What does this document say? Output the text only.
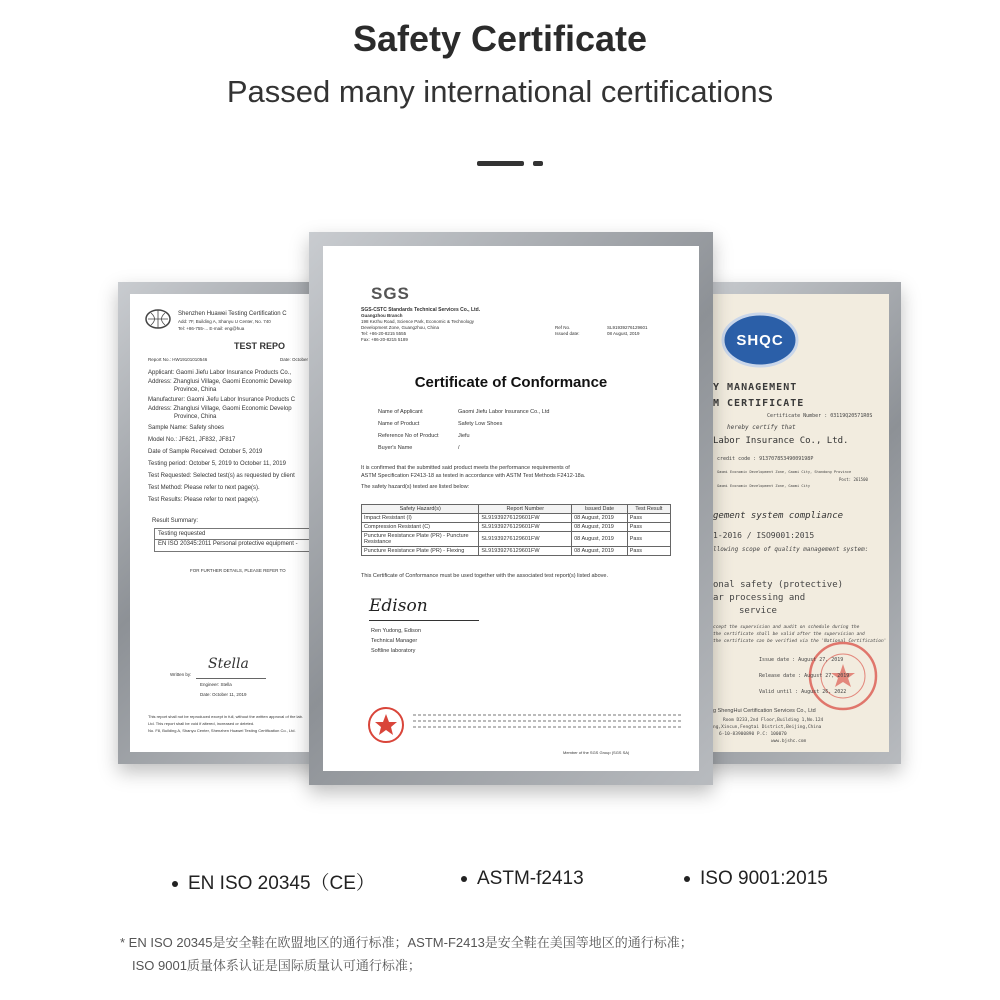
Safety Certificate
Passed many international certifications
Shenzhen Huawei Testing Certification C
Add: 7F, Building A, Shanyu U Center, No. 740
Tel: +86-755-... E-mail: eng@hua
TEST REPO
Report No.: HW19101010546	Date: October
Applicant: Gaomi Jiefu Labor Insurance Products Co.,
Address: Zhanglusi Village, Gaomi Economic Develop
Province, China
Manufacturer: Gaomi Jiefu Labor Insurance Products C
Address: Zhanglusi Village, Gaomi Economic Develop
Province, China
Sample Name: Safety shoes
Model No.: JF621, JF832, JF817
Date of Sample Received: October 5, 2019
Testing period: October 5, 2019 to October 11, 2019
Test Requested: Selected test(s) as requested by client
Test Method: Please refer to next page(s).
Test Results: Please refer to next page(s).
Result Summary:
Testing requested
EN ISO 20345:2011 Personal protective equipment -
FOR FURTHER DETAILS, PLEASE REFER TO
Written by:
Stella
Engineer: Stella
Date: October 11, 2019
This report shall not be reproduced except in full, without the written approval of the lab.
Ltd. This report shall be void if altered, increased or deleted.
No. F8, Building A, Shanyu Center, Shenzhen Huawei Testing Certification Co., Ltd.
SHQC
Y MANAGEMENT
M CERTIFICATE
Certificate Number : 03119Q20571R0S
hereby certify that
Labor Insurance Co., Ltd.
credit code : 91370785349009198P
Gaomi Economic Development Zone, Gaomi City, Shandong Province
Post: 261500
Gaomi Economic Development Zone, Gaomi City
gement system compliance
1-2016 / ISO9001:2015
llowing scope of quality management system:
onal safety (protective)
ar processing and
service
ccept the supervision and audit on schedule during the
the certificate shall be valid after the supervision and
the certificate can be verified via the 'National Certification'
Issue date : August 27, 2019
Release date : August 27, 2019
Valid until : August 26, 2022
g ShengHui Certification Services Co., Ltd
Room D233,2nd Floor,Building 1,No.124
ng,Xincun,Fengtai District,Beijing,China
6-10-83900890 P.C: 100070
www.bjshc.com
SGS
SGS-CSTC Standards Technical Services Co., Ltd.
Guangzhou Branch
198 Kezhu Road, Science Park, Economic & Technology
Development Zone, Guangzhou, China
Tel: +86-20-8215 5555
Fax: +86-20-8215 5189
Ref No.	SL91939276129601
Issued date:	08 August, 2019
Certificate of Conformance
Name of Applicant	Gaomi Jiefu Labor Insurance Co., Ltd
Name of Product	Safety Low Shoes
Reference No of Product	Jiefu
Buyer's Name	/
It is confirmed that the submitted said product meets the performance requirements of
ASTM Specification F2413-18 as tested in accordance with ASTM Test Methods F2412-18a.
The safety hazard(s) tested are listed below:
Safety Hazard(s)	Report Number	Issued Date	Test Result
Impact Resistant (I)	SL91939276129601FW	08 August, 2019	Pass
Compression Resistant (C)	SL91939276129601FW	08 August, 2019	Pass
Puncture Resistance Plate (PR) - Puncture Resistance	SL91939276129601FW	08 August, 2019	Pass
Puncture Resistance Plate (PR) - Flexing	SL91939276129601FW	08 August, 2019	Pass
This Certificate of Conformance must be used together with the associated test report(s) listed above.
Edison
Ren Yudong, Edison
Technical Manager
Softline laboratory
Member of the SGS Group (SGS SA)
EN ISO 20345（CE）	ASTM-f2413	ISO 9001:2015
* EN ISO 20345是安全鞋在欧盟地区的通行标准；ASTM-F2413是安全鞋在美国等地区的通行标准；
ISO 9001质量体系认证是国际质量认可通行标准；
